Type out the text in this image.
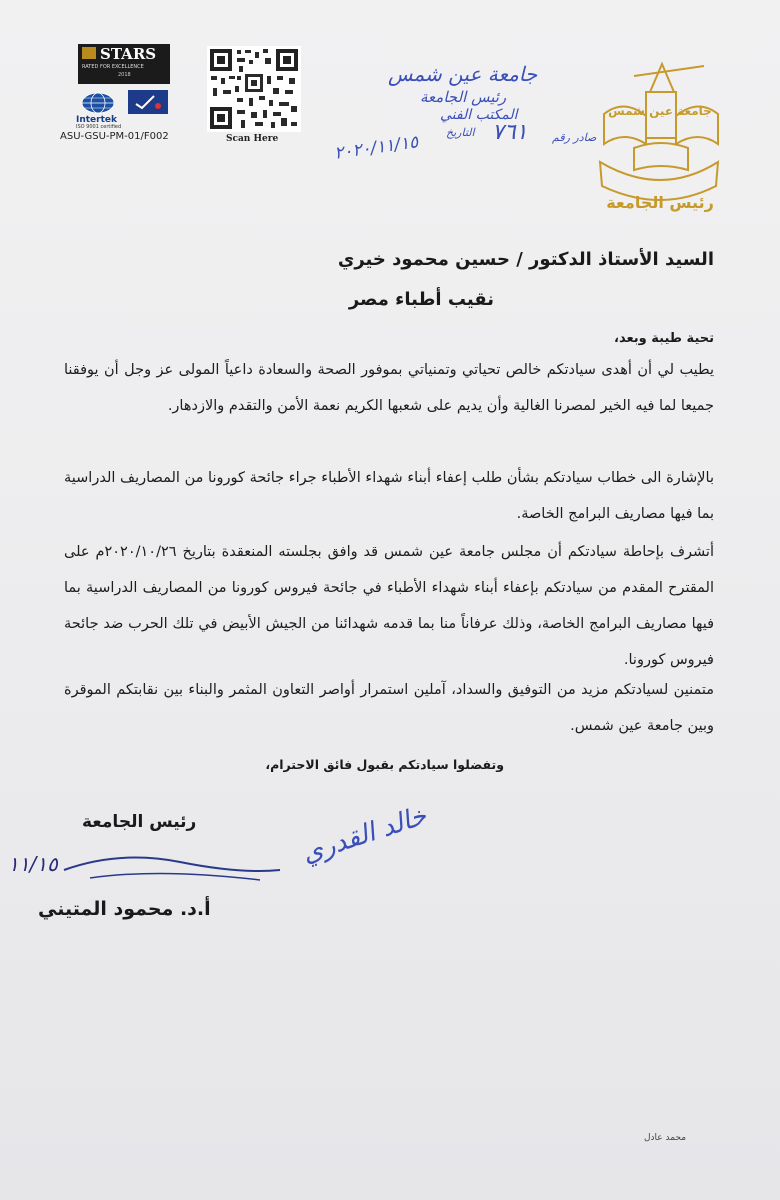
STARS
RATED FOR EXCELLENCE
2018
Intertek
ISO 9001 certified
ASU-GSU-PM-01/F002	Scan Here
جامعة عين شمس
رئيس الجامعة
المكتب الفني
صادر رقم
٧٦١
التاريخ
٢٠٢٠/١١/١٥
جامعة عين شمس
رئيس الجامعة
السيد الأستاذ الدكتور / حسين محمود خيري
نقيب أطباء مصر
تحية طيبة وبعد،
يطيب لي أن أهدى سيادتكم خالص تحياتي وتمنياتي بموفور الصحة والسعادة داعياً المولى عز وجل أن يوفقنا جميعا لما فيه الخير لمصرنا الغالية وأن يديم على شعبها الكريم نعمة الأمن والتقدم والازدهار.
بالإشارة الى خطاب سيادتكم بشأن طلب إعفاء أبناء شهداء الأطباء جراء جائحة كورونا من المصاريف الدراسية بما فيها مصاريف البرامج الخاصة.
أتشرف بإحاطة سيادتكم أن مجلس جامعة عين شمس قد وافق بجلسته المنعقدة بتاريخ ٢٠٢٠/١٠/٢٦م على المقترح المقدم من سيادتكم بإعفاء أبناء شهداء الأطباء في جائحة فيروس كورونا من المصاريف الدراسية بما فيها مصاريف البرامج الخاصة، وذلك عرفاناً منا بما قدمه شهدائنا من الجيش الأبيض في تلك الحرب ضد جائحة فيروس كورونا.
متمنين لسيادتكم مزيد من التوفيق والسداد، آملين استمرار أواصر التعاون المثمر والبناء بين نقابتكم الموقرة وبين جامعة عين شمس.
وتفضلوا سيادتكم بقبول فائق الاحترام،
رئيس الجامعة
أ.د. محمود المتيني
١١/١٥	خالد القدري
محمد عادل
